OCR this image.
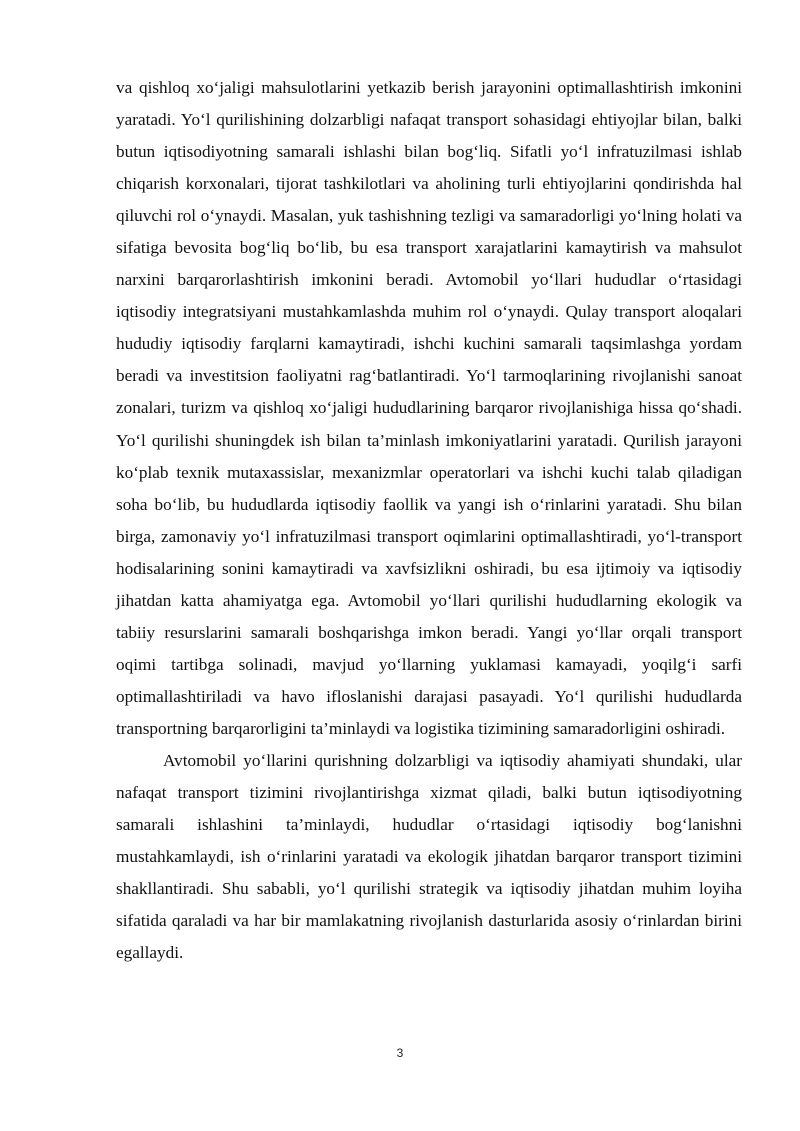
va qishloq xo‘jaligi mahsulotlarini yetkazib berish jarayonini optimallashtirish imkonini yaratadi. Yo‘l qurilishining dolzarbligi nafaqat transport sohasidagi ehtiyojlar bilan, balki butun iqtisodiyotning samarali ishlashi bilan bog‘liq. Sifatli yo‘l infratuzilmasi ishlab chiqarish korxonalari, tijorat tashkilotlari va aholining turli ehtiyojlarini qondirishda hal qiluvchi rol o‘ynaydi. Masalan, yuk tashishning tezligi va samaradorligi yo‘lning holati va sifatiga bevosita bog‘liq bo‘lib, bu esa transport xarajatlarini kamaytirish va mahsulot narxini barqarorlashtirish imkonini beradi. Avtomobil yo‘llari hududlar o‘rtasidagi iqtisodiy integratsiyani mustahkamlashda muhim rol o‘ynaydi. Qulay transport aloqalari hududiy iqtisodiy farqlarni kamaytiradi, ishchi kuchini samarali taqsimlashga yordam beradi va investitsion faoliyatni rag‘batlantiradi. Yo‘l tarmoqlarining rivojlanishi sanoat zonalari, turizm va qishloq xo‘jaligi hududlarining barqaror rivojlanishiga hissa qo‘shadi. Yo‘l qurilishi shuningdek ish bilan ta’minlash imkoniyatlarini yaratadi. Qurilish jarayoni ko‘plab texnik mutaxassislar, mexanizmlar operatorlari va ishchi kuchi talab qiladigan soha bo‘lib, bu hududlarda iqtisodiy faollik va yangi ish o‘rinlarini yaratadi. Shu bilan birga, zamonaviy yo‘l infratuzilmasi transport oqimlarini optimallashtiradi, yo‘l-transport hodisalarining sonini kamaytiradi va xavfsizlikni oshiradi, bu esa ijtimoiy va iqtisodiy jihatdan katta ahamiyatga ega. Avtomobil yo‘llari qurilishi hududlarning ekologik va tabiiy resurslarini samarali boshqarishga imkon beradi. Yangi yo‘llar orqali transport oqimi tartibga solinadi, mavjud yo‘llarning yuklamasi kamayadi, yoqilg‘i sarfi optimallashtiriladi va havo ifloslanishi darajasi pasayadi. Yo‘l qurilishi hududlarda transportning barqarorligini ta’minlaydi va logistika tizimining samaradorligini oshiradi.

Avtomobil yo‘llarini qurishning dolzarbligi va iqtisodiy ahamiyati shundaki, ular nafaqat transport tizimini rivojlantirishga xizmat qiladi, balki butun iqtisodiyotning samarali ishlashini ta’minlaydi, hududlar o‘rtasidagi iqtisodiy bog‘lanishni mustahkamlaydi, ish o‘rinlarini yaratadi va ekologik jihatdan barqaror transport tizimini shakllantiradi. Shu sababli, yo‘l qurilishi strategik va iqtisodiy jihatdan muhim loyiha sifatida qaraladi va har bir mamlakatning rivojlanish dasturlarida asosiy o‘rinlardan birini egallaydi.

3
